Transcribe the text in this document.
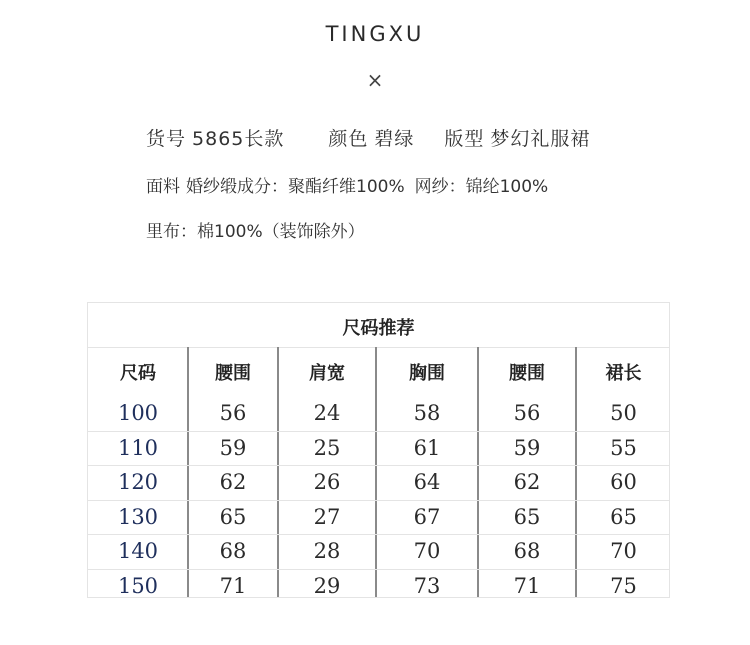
TINGXU
×
货号 5865长款 颜色 碧绿 版型 梦幻礼服裙
面料 婚纱缎成分：聚酯纤维100% 网纱：锦纶100%
里布：棉100%（装饰除外）
尺码推荐
尺码	腰围	肩宽	胸围	腰围	裙长
100	56	24	58	56	50
110	59	25	61	59	55
120	62	26	64	62	60
130	65	27	67	65	65
140	68	28	70	68	70
150	71	29	73	71	75
